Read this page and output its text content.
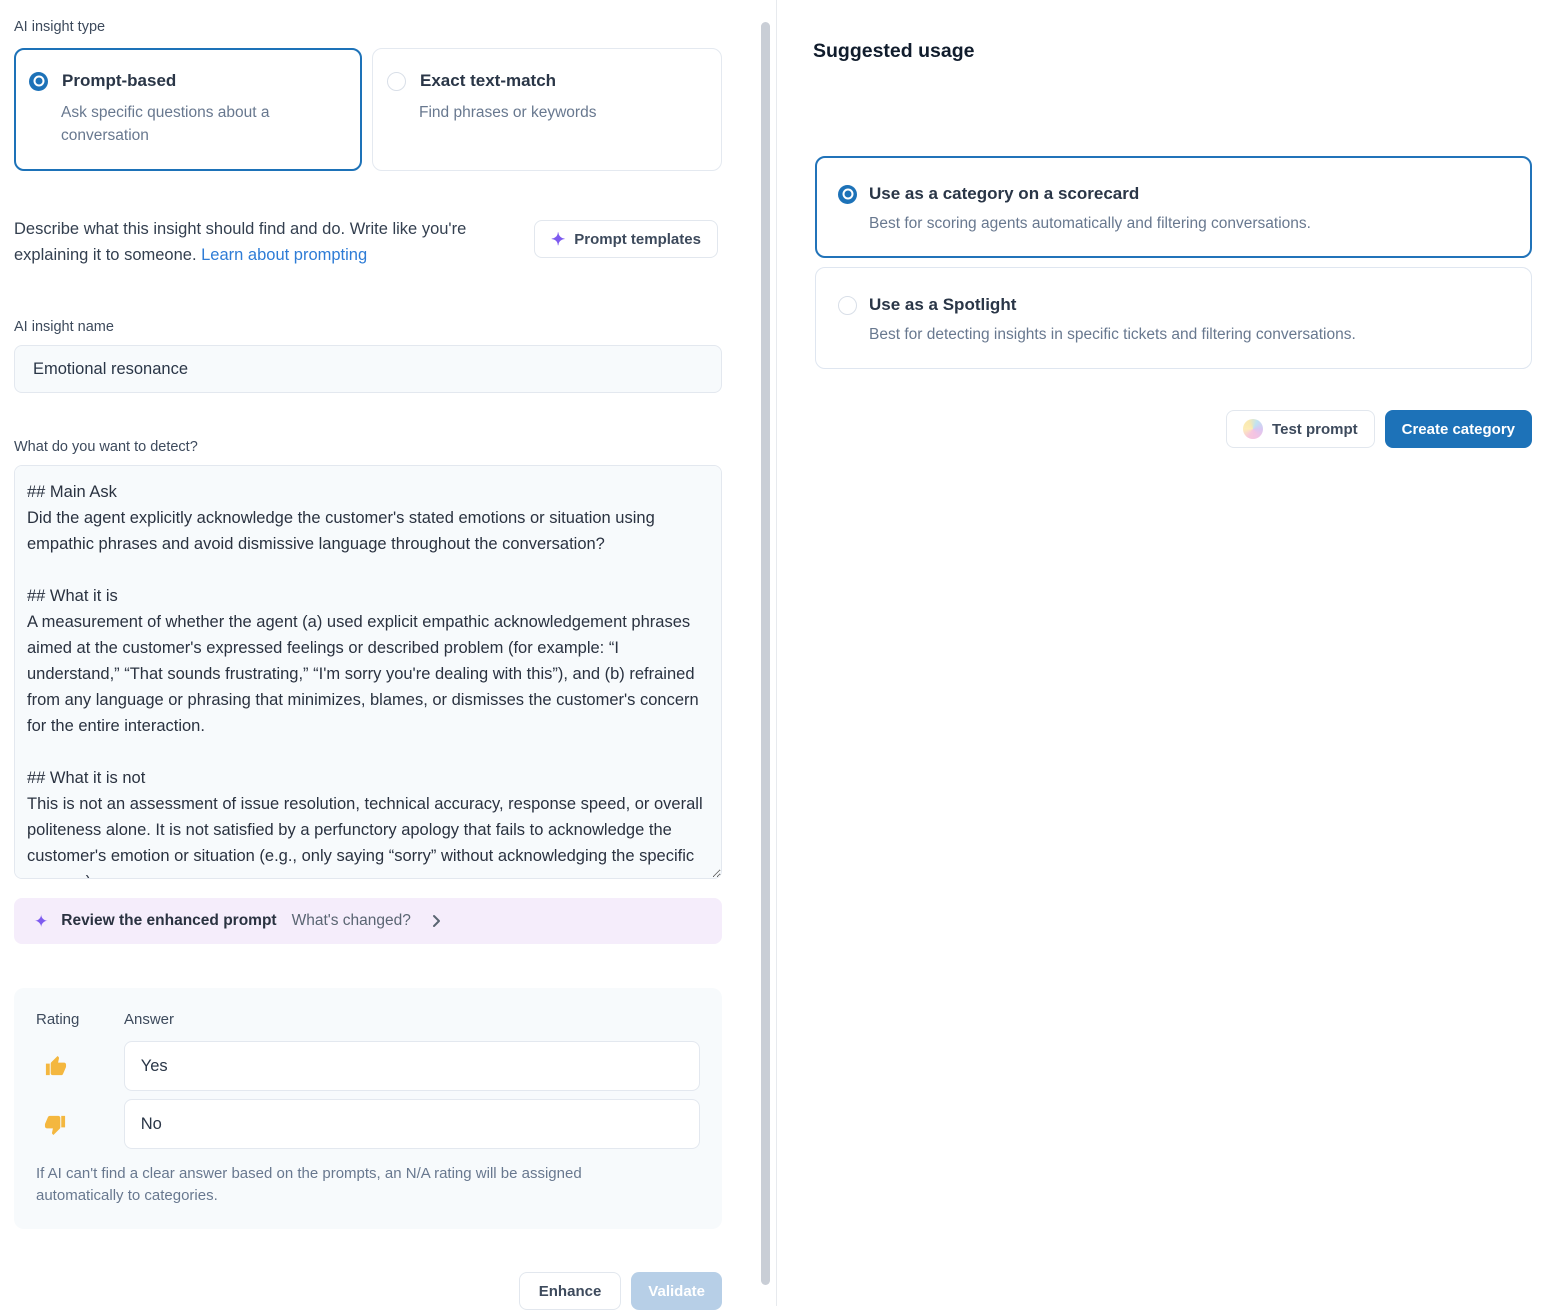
AI insight type
Prompt-based
Ask specific questions about a conversation
Exact text-match
Find phrases or keywords
Describe what this insight should find and do. Write like you're explaining it to someone. Learn about prompting
✦ Prompt templates
AI insight name
Emotional resonance
What do you want to detect?
## Main Ask Did the agent explicitly acknowledge the customer's stated emotions or situation using empathic phrases and avoid dismissive language throughout the conversation? ## What it is A measurement of whether the agent (a) used explicit empathic acknowledgement phrases aimed at the customer's expressed feelings or described problem (for example: “I understand,” “That sounds frustrating,” “I'm sorry you're dealing with this”), and (b) refrained from any language or phrasing that minimizes, blames, or dismisses the customer's concern for the entire interaction. ## What it is not This is not an assessment of issue resolution, technical accuracy, response speed, or overall politeness alone. It is not satisfied by a perfunctory apology that fails to acknowledge the customer's emotion or situation (e.g., only saying “sorry” without acknowledging the specific concern).
✦ Review the enhanced prompt What's changed?
Rating	Answer
Yes
No
If AI can't find a clear answer based on the prompts, an N/A rating will be assigned automatically to categories.
Enhance	Validate
Suggested usage
Use as a category on a scorecard
Best for scoring agents automatically and filtering conversations.
Use as a Spotlight
Best for detecting insights in specific tickets and filtering conversations.
Test prompt	Create category
